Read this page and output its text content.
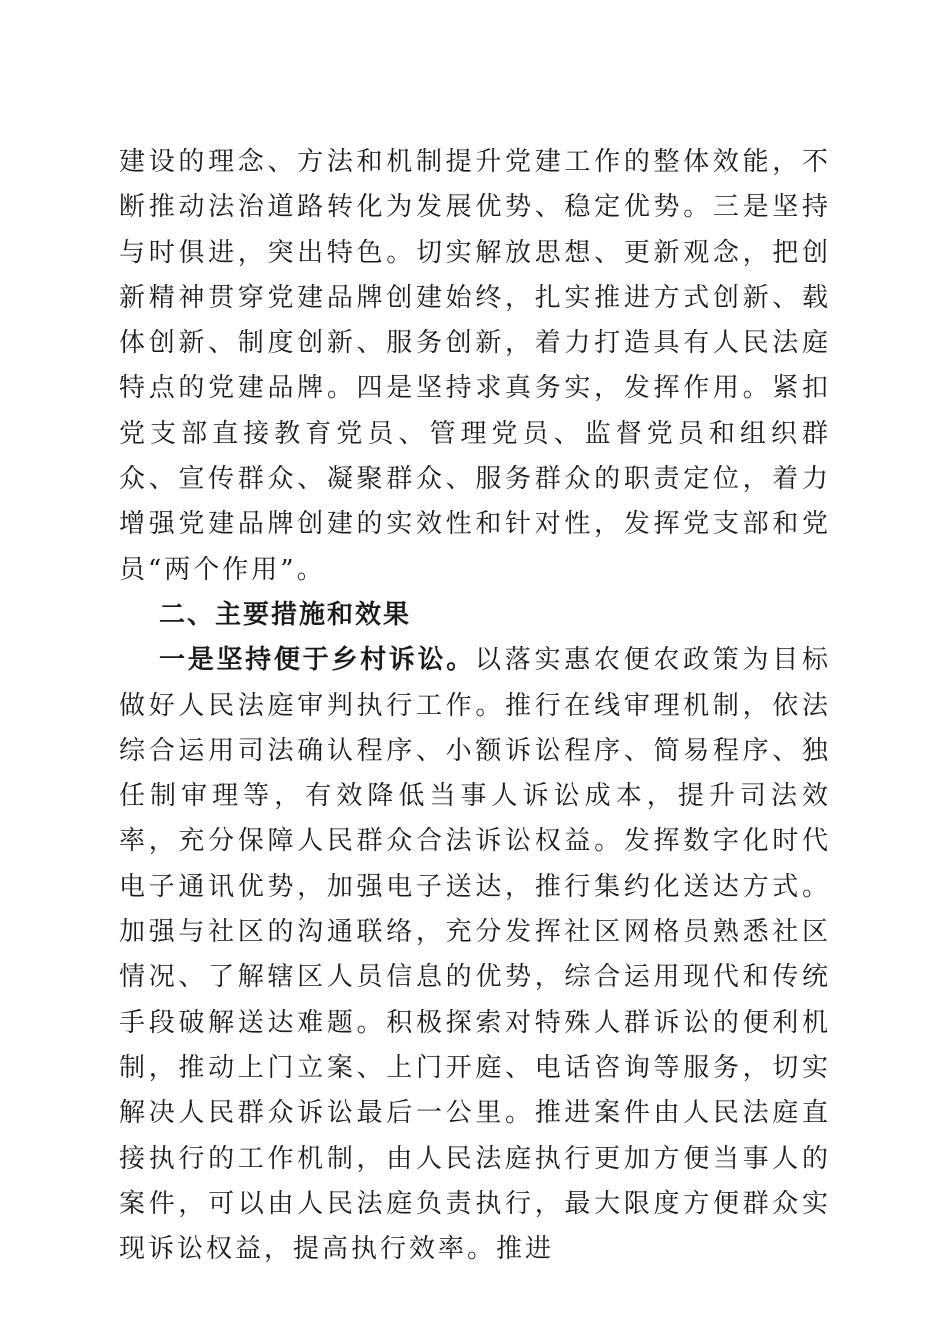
建设的理念、方法和机制提升党建工作的整体效能，不断推动法治道路转化为发展优势、稳定优势。三是坚持与时俱进，突出特色。切实解放思想、更新观念，把创新精神贯穿党建品牌创建始终，扎实推进方式创新、载体创新、制度创新、服务创新，着力打造具有人民法庭特点的党建品牌。四是坚持求真务实，发挥作用。紧扣党支部直接教育党员、管理党员、监督党员和组织群众、宣传群众、凝聚群众、服务群众的职责定位，着力增强党建品牌创建的实效性和针对性，发挥党支部和党员“两个作用”。

二、主要措施和效果

一是坚持便于乡村诉讼。以落实惠农便农政策为目标做好人民法庭审判执行工作。推行在线审理机制，依法综合运用司法确认程序、小额诉讼程序、简易程序、独任制审理等，有效降低当事人诉讼成本，提升司法效率，充分保障人民群众合法诉讼权益。发挥数字化时代电子通讯优势，加强电子送达，推行集约化送达方式。加强与社区的沟通联络，充分发挥社区网格员熟悉社区情况、了解辖区人员信息的优势，综合运用现代和传统手段破解送达难题。积极探索对特殊人群诉讼的便利机制，推动上门立案、上门开庭、电话咨询等服务，切实解决人民群众诉讼最后一公里。推进案件由人民法庭直接执行的工作机制，由人民法庭执行更加方便当事人的案件，可以由人民法庭负责执行，最大限度方便群众实现诉讼权益，提高执行效率。推进
